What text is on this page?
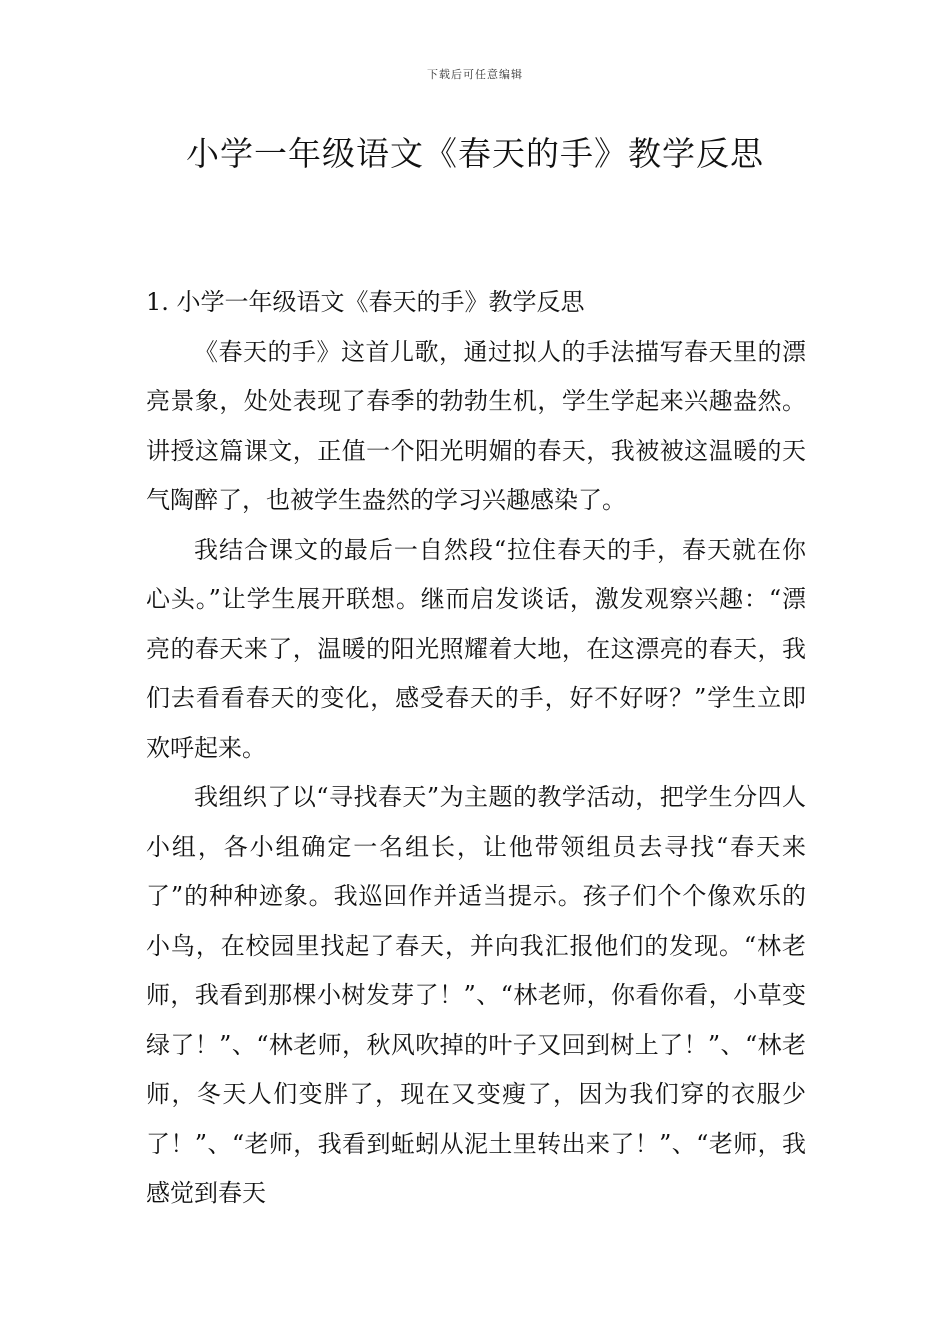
下载后可任意编辑
小学一年级语文《春天的手》教学反思

1. 小学一年级语文《春天的手》教学反思

《春天的手》这首儿歌，通过拟人的手法描写春天里的漂亮景象，处处表现了春季的勃勃生机，学生学起来兴趣盎然。讲授这篇课文，正值一个阳光明媚的春天，我被被这温暖的天气陶醉了，也被学生盎然的学习兴趣感染了。

我结合课文的最后一自然段“拉住春天的手，春天就在你心头。”让学生展开联想。继而启发谈话，激发观察兴趣：“漂亮的春天来了，温暖的阳光照耀着大地，在这漂亮的春天，我们去看看春天的变化，感受春天的手，好不好呀？”学生立即欢呼起来。

我组织了以“寻找春天”为主题的教学活动，把学生分四人小组，各小组确定一名组长，让他带领组员去寻找“春天来了”的种种迹象。我巡回作并适当提示。孩子们个个像欢乐的小鸟，在校园里找起了春天，并向我汇报他们的发现。“林老师，我看到那棵小树发芽了！”、“林老师，你看你看，小草变绿了！”、“林老师，秋风吹掉的叶子又回到树上了！”、“林老师，冬天人们变胖了，现在又变瘦了，因为我们穿的衣服少了！”、“老师，我看到蚯蚓从泥土里转出来了！”、“老师，我感觉到春天
